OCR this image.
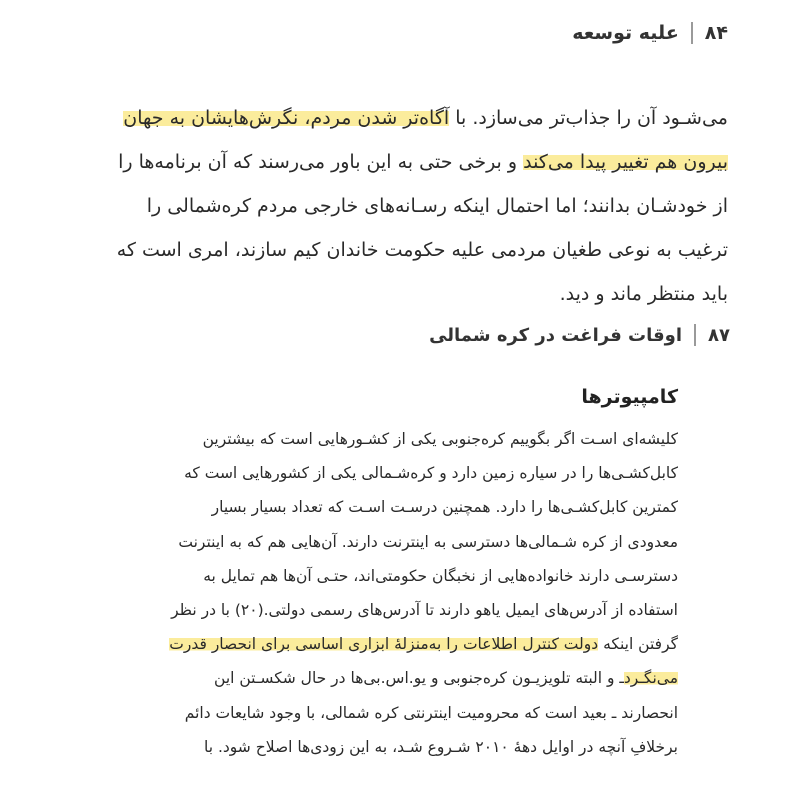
۸۴
علیه توسعه
می‌شـود آن را جذاب‌تر می‌سازد. با آگاه‌تر شدن مردم، نگرش‌هایشان به جهان
بیرون هم تغییر پیدا می‌کند و برخی حتی به این باور می‌رسند که آن برنامه‌ها را
از خودشـان بدانند؛ اما احتمال اینکه رسـانه‌های خارجی مردم کره‌شمالی را
ترغیب به نوعی طغیان مردمی علیه حکومت خاندان کیم سازند، امری است که
باید منتظر ماند و دید.
۸۷
اوقات فراغت در کره شمالی
کامپیوترها
کلیشه‌ای اسـت اگر بگوییم کره‌جنوبی یکی از کشـورهایی است که بیشترین
کابل‌کشـی‌ها را در سیاره زمین دارد و کره‌شـمالی یکی از کشورهایی است که
کمترین کابل‌کشـی‌ها را دارد. همچنین درسـت اسـت که تعداد بسیار بسیار
معدودی از کره شـمالی‌ها دسترسی به اینترنت دارند. آن‌هایی هم که به اینترنت
دسترسـی دارند خانواده‌هایی از نخبگان حکومتی‌اند، حتـی آن‌ها هم تمایل به
استفاده از آدرس‌های ایمیل یاهو دارند تا آدرس‌های رسمی دولتی.(۲۰) با در نظر
گرفتن اینکه دولت کنترل اطلاعات را به‌منزلهٔ ابزاری اساسی برای انحصار قدرت
می‌نگـردـ و البته تلویزیـون کره‌جنوبی و یو.اس.بی‌ها در حال شکسـتن این
انحصارند ـ بعید است که محرومیت اینترنتی کره شمالی، با وجود شایعات دائم
برخلافِ آنچه در اوایل دههٔ ۲۰۱۰ شـروع شـد، به این زودی‌ها اصلاح شود. با
